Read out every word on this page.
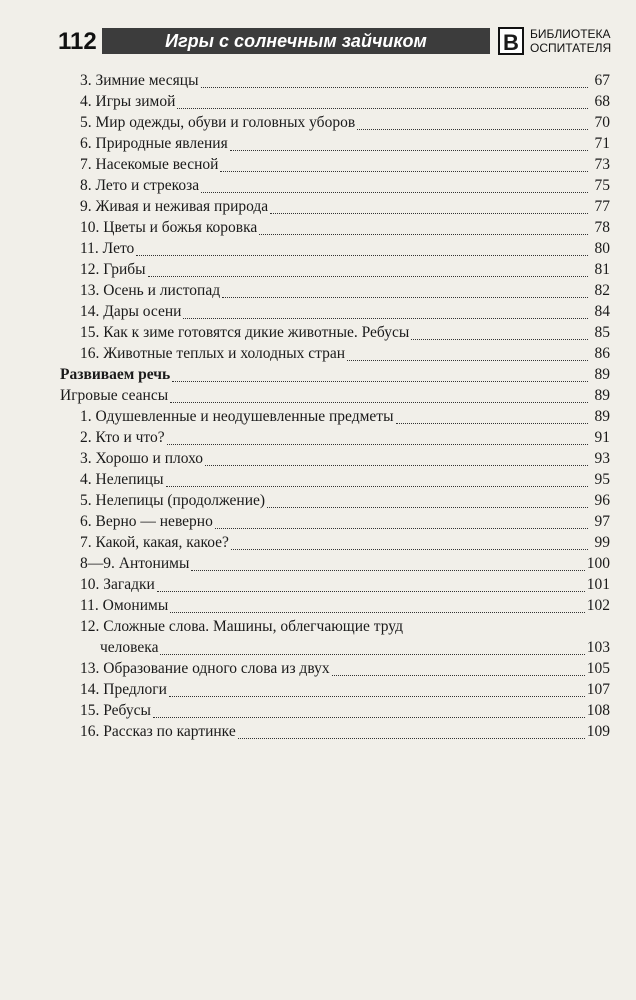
112	Игры с солнечным зайчиком	В БИБЛИОТЕКА
ОСПИТАТЕЛЯ
3. Зимние месяцы	67
4. Игры зимой	68
5. Мир одежды, обуви и головных уборов	70
6. Природные явления	71
7. Насекомые весной	73
8. Лето и стрекоза	75
9. Живая и неживая природа	77
10. Цветы и божья коровка	78
11. Лето	80
12. Грибы	81
13. Осень и листопад	82
14. Дары осени	84
15. Как к зиме готовятся дикие животные. Ребусы	85
16. Животные теплых и холодных стран	86
Развиваем речь	89
Игровые сеансы	89
1. Одушевленные и неодушевленные предметы	89
2. Кто и что?	91
3. Хорошо и плохо	93
4. Нелепицы	95
5. Нелепицы (продолжение)	96
6. Верно — неверно	97
7. Какой, какая, какое?	99
8—9. Антонимы	100
10. Загадки	101
11. Омонимы	102
12. Сложные слова. Машины, облегчающие труд
человека	103
13. Образование одного слова из двух	105
14. Предлоги	107
15. Ребусы	108
16. Рассказ по картинке	109
